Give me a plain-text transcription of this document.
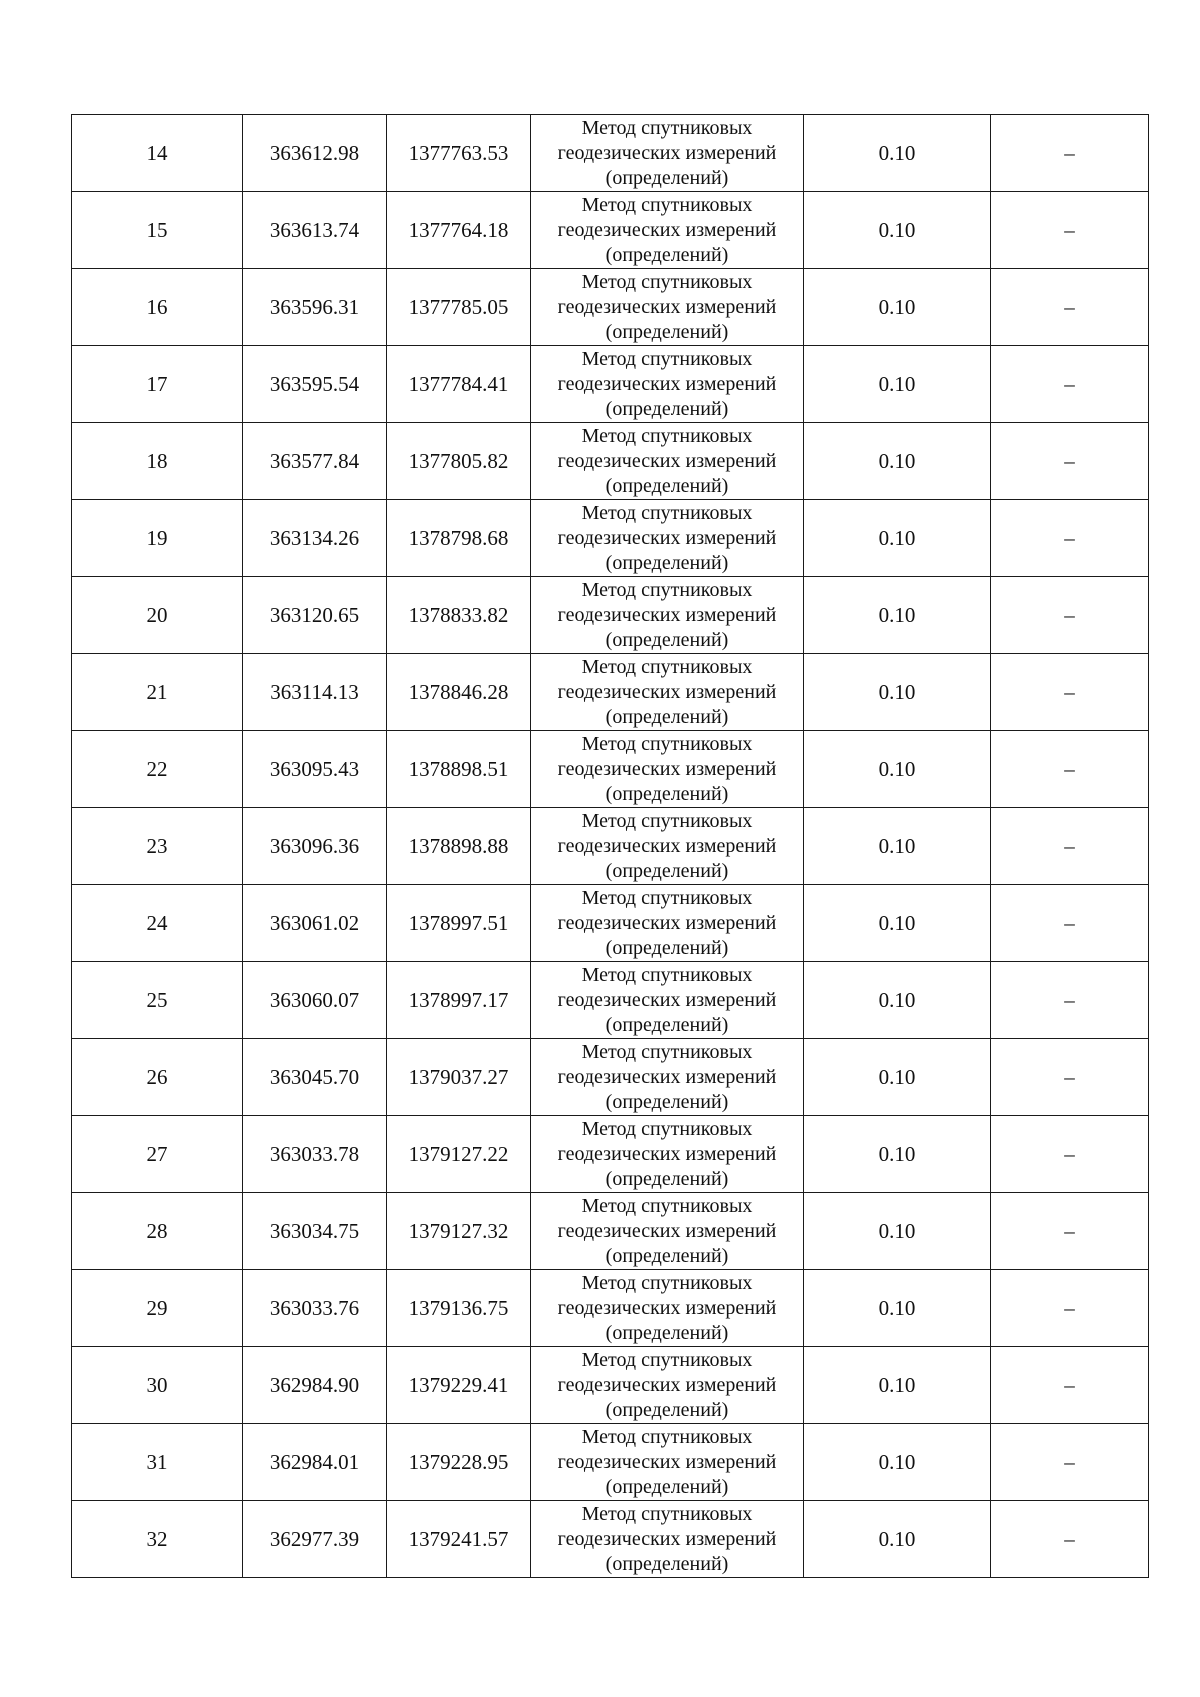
14	363612.98	1377763.53	Метод спутниковых
геодезических измерений
(определений)	0.10	–
15	363613.74	1377764.18	Метод спутниковых
геодезических измерений
(определений)	0.10	–
16	363596.31	1377785.05	Метод спутниковых
геодезических измерений
(определений)	0.10	–
17	363595.54	1377784.41	Метод спутниковых
геодезических измерений
(определений)	0.10	–
18	363577.84	1377805.82	Метод спутниковых
геодезических измерений
(определений)	0.10	–
19	363134.26	1378798.68	Метод спутниковых
геодезических измерений
(определений)	0.10	–
20	363120.65	1378833.82	Метод спутниковых
геодезических измерений
(определений)	0.10	–
21	363114.13	1378846.28	Метод спутниковых
геодезических измерений
(определений)	0.10	–
22	363095.43	1378898.51	Метод спутниковых
геодезических измерений
(определений)	0.10	–
23	363096.36	1378898.88	Метод спутниковых
геодезических измерений
(определений)	0.10	–
24	363061.02	1378997.51	Метод спутниковых
геодезических измерений
(определений)	0.10	–
25	363060.07	1378997.17	Метод спутниковых
геодезических измерений
(определений)	0.10	–
26	363045.70	1379037.27	Метод спутниковых
геодезических измерений
(определений)	0.10	–
27	363033.78	1379127.22	Метод спутниковых
геодезических измерений
(определений)	0.10	–
28	363034.75	1379127.32	Метод спутниковых
геодезических измерений
(определений)	0.10	–
29	363033.76	1379136.75	Метод спутниковых
геодезических измерений
(определений)	0.10	–
30	362984.90	1379229.41	Метод спутниковых
геодезических измерений
(определений)	0.10	–
31	362984.01	1379228.95	Метод спутниковых
геодезических измерений
(определений)	0.10	–
32	362977.39	1379241.57	Метод спутниковых
геодезических измерений
(определений)	0.10	–
